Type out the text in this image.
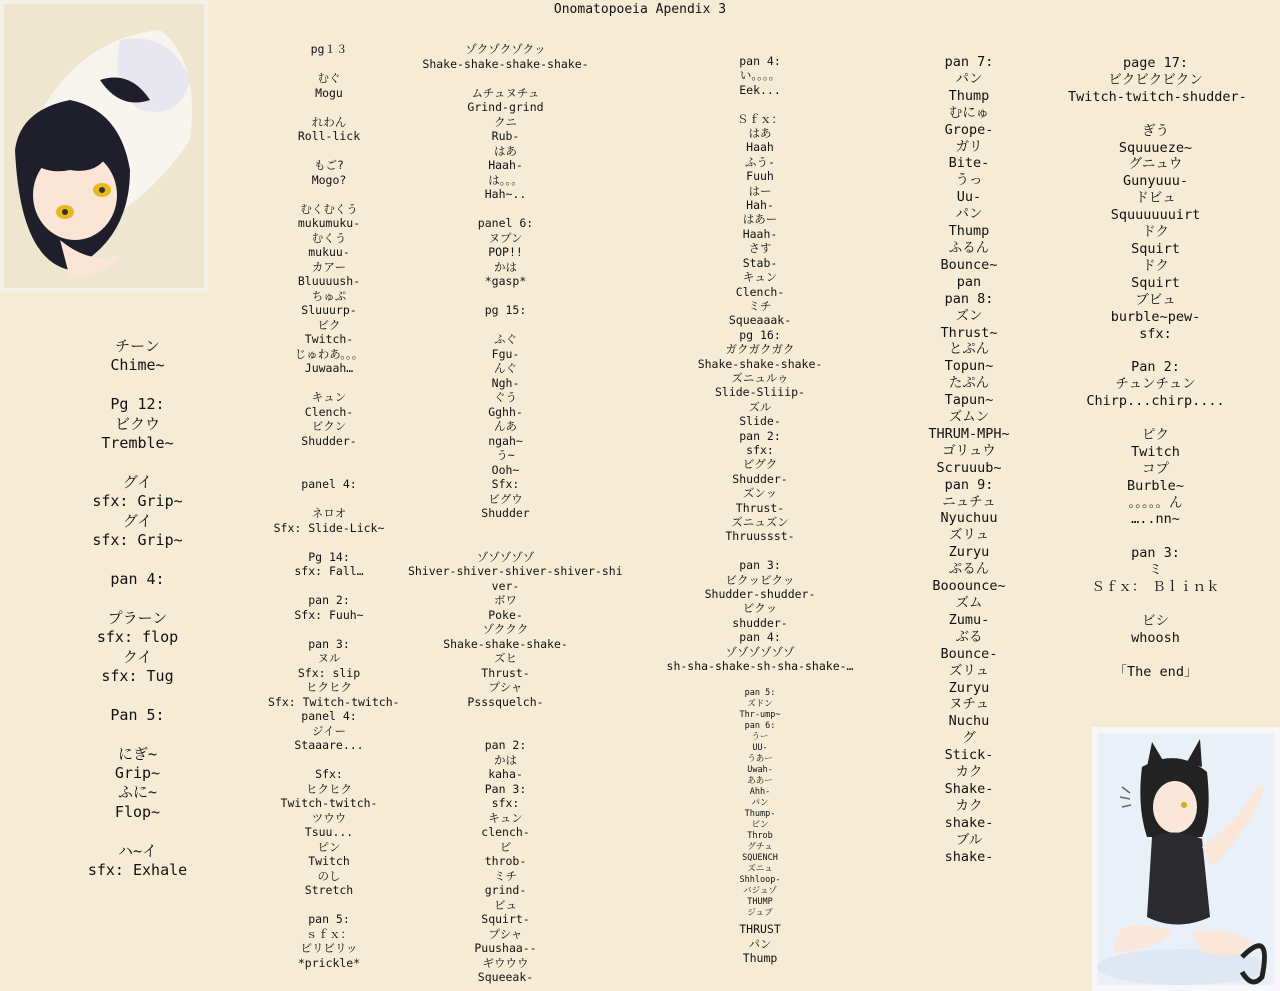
Onomatopoeia Apendix 3
チーン
Chime~

Pg 12:
ビクウ
Tremble~

グイ
sfx: Grip~
グイ
sfx: Grip~

pan 4:

プラーン
sfx: flop
クイ
sfx: Tug

Pan 5:

にぎ~
Grip~
ふに~
Flop~

ハ~イ
sfx: Exhale
pg１３

むぐ
Mogu

れわん
Roll-lick

もご?
Mogo?

むくむくう
mukumuku-
むくう
mukuu-
カアー
Bluuuush-
ちゅぷ
Sluuurp-
ビク
Twitch-
じゅわあ。。。
Juwaah…

キュン
Clench-
ビクン
Shudder-

panel 4:

ネロオ
Sfx: Slide-Lick~

Pg 14:
sfx: Fall…

pan 2:
Sfx: Fuuh~

pan 3:
ヌル
Sfx: slip
ヒクヒク
Sfx: Twitch-twitch-
panel 4:
ジイー
Staaare...

Sfx:
ヒクヒク
Twitch-twitch-
ツウウ
Tsuu...
ピン
Twitch
のし
Stretch

pan 5:
ｓｆｘ：
ビリビリッ
*prickle*
ゾクゾクゾクッ
Shake-shake-shake-shake-

ムチュヌチュ
Grind-grind
クニ
Rub-
はあ
Haah-
は。。。
Hah~..

panel 6:
ヌプン
POP!!
かは
*gasp*

pg 15:

ふぐ
Fgu-
んぐ
Ngh-
ぐう
Gghh-
んあ
ngah~
う~
Ooh~
Sfx:
ビグウ
Shudder

ゾゾゾゾゾ
Shiver-shiver-shiver-shiver-shi
ver-
ボワ
Poke-
ゾククク
Shake-shake-shake-
ズヒ
Thrust-
プシャ
Psssquelch-

pan 2:
かは
kaha-
Pan 3:
sfx:
キュン
clench-
ビ
throb-
ミチ
grind-
ビュ
Squirt-
プシャ
Puushaa--
ギウウウ
Squeeak-
pan 4:
い。。。。
Eek...

Ｓｆｘ：
はあ
Haah
ふう-
Fuuh
はー
Hah-
はあー
Haah-
さす
Stab-
キュン
Clench-
ミチ
Squeaaak-
pg 16:
ガクガクガク
Shake-shake-shake-
ズニュルゥ
Slide-Sliiip-
ズル
Slide-
pan 2:
sfx:
ビグク
Shudder-
ズンッ
Thrust-
ズニュズン
Thruussst-

pan 3:
ビクッビクッ
Shudder-shudder-
ビクッ
shudder-
pan 4:
ゾゾゾゾゾゾ
sh-sha-shake-sh-sha-shake-…
pan 5:
ズドン
Thr-ump~
pan 6:
うー
UU-
うあー
Uwah-
ああー
Ahh-
パン
Thump-
ビン
Throb
グチュ
SQUENCH
ズニュ
Shhloop-
バジュゾ
THUMP
ジュブ
THRUST
パン
Thump
pan 7:
パン
Thump
むにゅ
Grope-
ガリ
Bite-
うっ
Uu-
パン
Thump
ふるん
Bounce~
pan
pan 8:
ズン
Thrust~
とぷん
Topun~
たぷん
Tapun~
ズムン
THRUM-MPH~
ゴリュウ
Scruuub~
pan 9:
ニュチュ
Nyuchuu
ズリュ
Zuryu
ぷるん
Booounce~
ズム
Zumu-
ぶる
Bounce-
ズリュ
Zuryu
ヌチュ
Nuchu
グ
Stick-
カク
Shake-
カク
shake-
ブル
shake-
page 17:
ビクビクビクン
Twitch-twitch-shudder-

ぎう
Squuueze~
グニュウ
Gunyuuu-
ドビュ
Squuuuuuirt
ドク
Squirt
ドク
Squirt
ブビュ
burble~pew-
sfx:

Pan 2:
チュンチュン
Chirp...chirp....

ピク
Twitch
コプ
Burble~
。。。。。ん
…..nn~

pan 3:
ミ
Ｓｆｘ：　Ｂｌｉｎｋ

ビシ
whoosh

「The end」
